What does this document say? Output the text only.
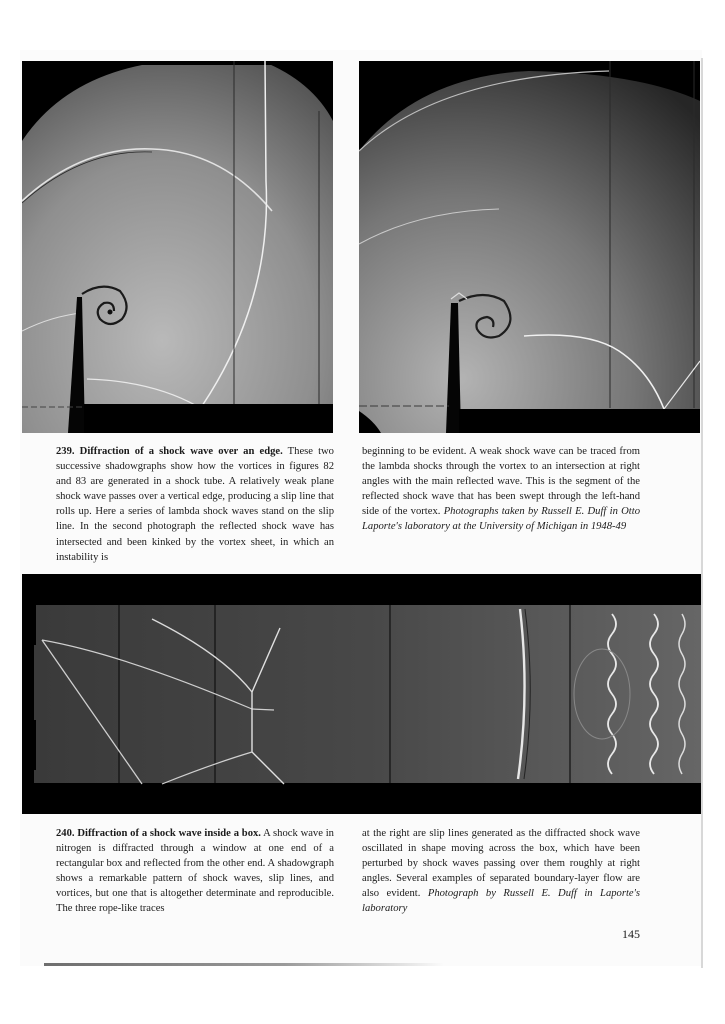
239. Diffraction of a shock wave over an edge. These two successive shadowgraphs show how the vortices in figures 82 and 83 are generated in a shock tube. A relatively weak plane shock wave passes over a vertical edge, producing a slip line that rolls up. Here a series of lambda shock waves stand on the slip line. In the second photograph the reflected shock wave has intersected and been kinked by the vortex sheet, in which an instability is
beginning to be evident. A weak shock wave can be traced from the lambda shocks through the vortex to an intersection at right angles with the main reflected wave. This is the segment of the reflected shock wave that has been swept through the left-hand side of the vortex. Photographs taken by Russell E. Duff in Otto Laporte's laboratory at the University of Michigan in 1948-49
240. Diffraction of a shock wave inside a box. A shock wave in nitrogen is diffracted through a window at one end of a rectangular box and reflected from the other end. A shadowgraph shows a remarkable pattern of shock waves, slip lines, and vortices, but one that is altogether determinate and reproducible. The three rope-like traces
at the right are slip lines generated as the diffracted shock wave oscillated in shape moving across the box, which have been perturbed by shock waves passing over them roughly at right angles. Several examples of separated boundary-layer flow are also evident. Photograph by Russell E. Duff in Laporte's laboratory
145
